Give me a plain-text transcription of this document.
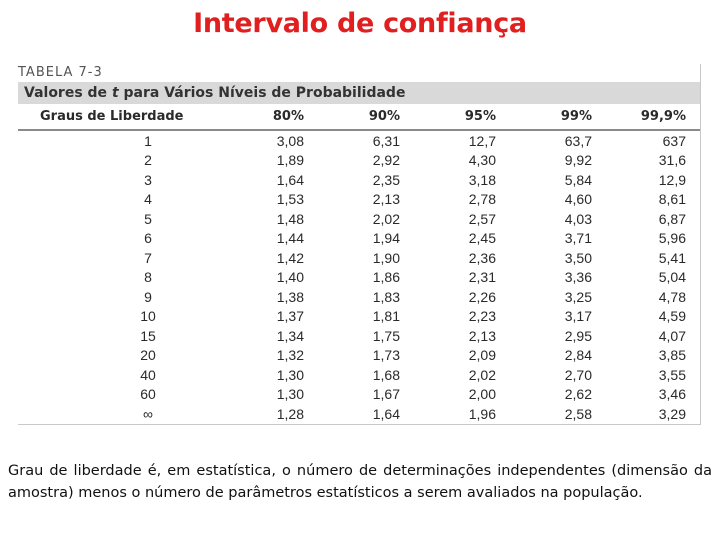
Intervalo de confiança
TABELA 7-3
Valores de t para Vários Níveis de Probabilidade
Graus de Liberdade	80%	90%	95%	99%	99,9%
1	3,08	6,31	12,7	63,7	637
2	1,89	2,92	4,30	9,92	31,6
3	1,64	2,35	3,18	5,84	12,9
4	1,53	2,13	2,78	4,60	8,61
5	1,48	2,02	2,57	4,03	6,87
6	1,44	1,94	2,45	3,71	5,96
7	1,42	1,90	2,36	3,50	5,41
8	1,40	1,86	2,31	3,36	5,04
9	1,38	1,83	2,26	3,25	4,78
10	1,37	1,81	2,23	3,17	4,59
15	1,34	1,75	2,13	2,95	4,07
20	1,32	1,73	2,09	2,84	3,85
40	1,30	1,68	2,02	2,70	3,55
60	1,30	1,67	2,00	2,62	3,46
∞	1,28	1,64	1,96	2,58	3,29
Grau de liberdade é, em estatística, o número de determinações independentes (dimensão da amostra) menos o número de parâmetros estatísticos a serem avaliados na população.
